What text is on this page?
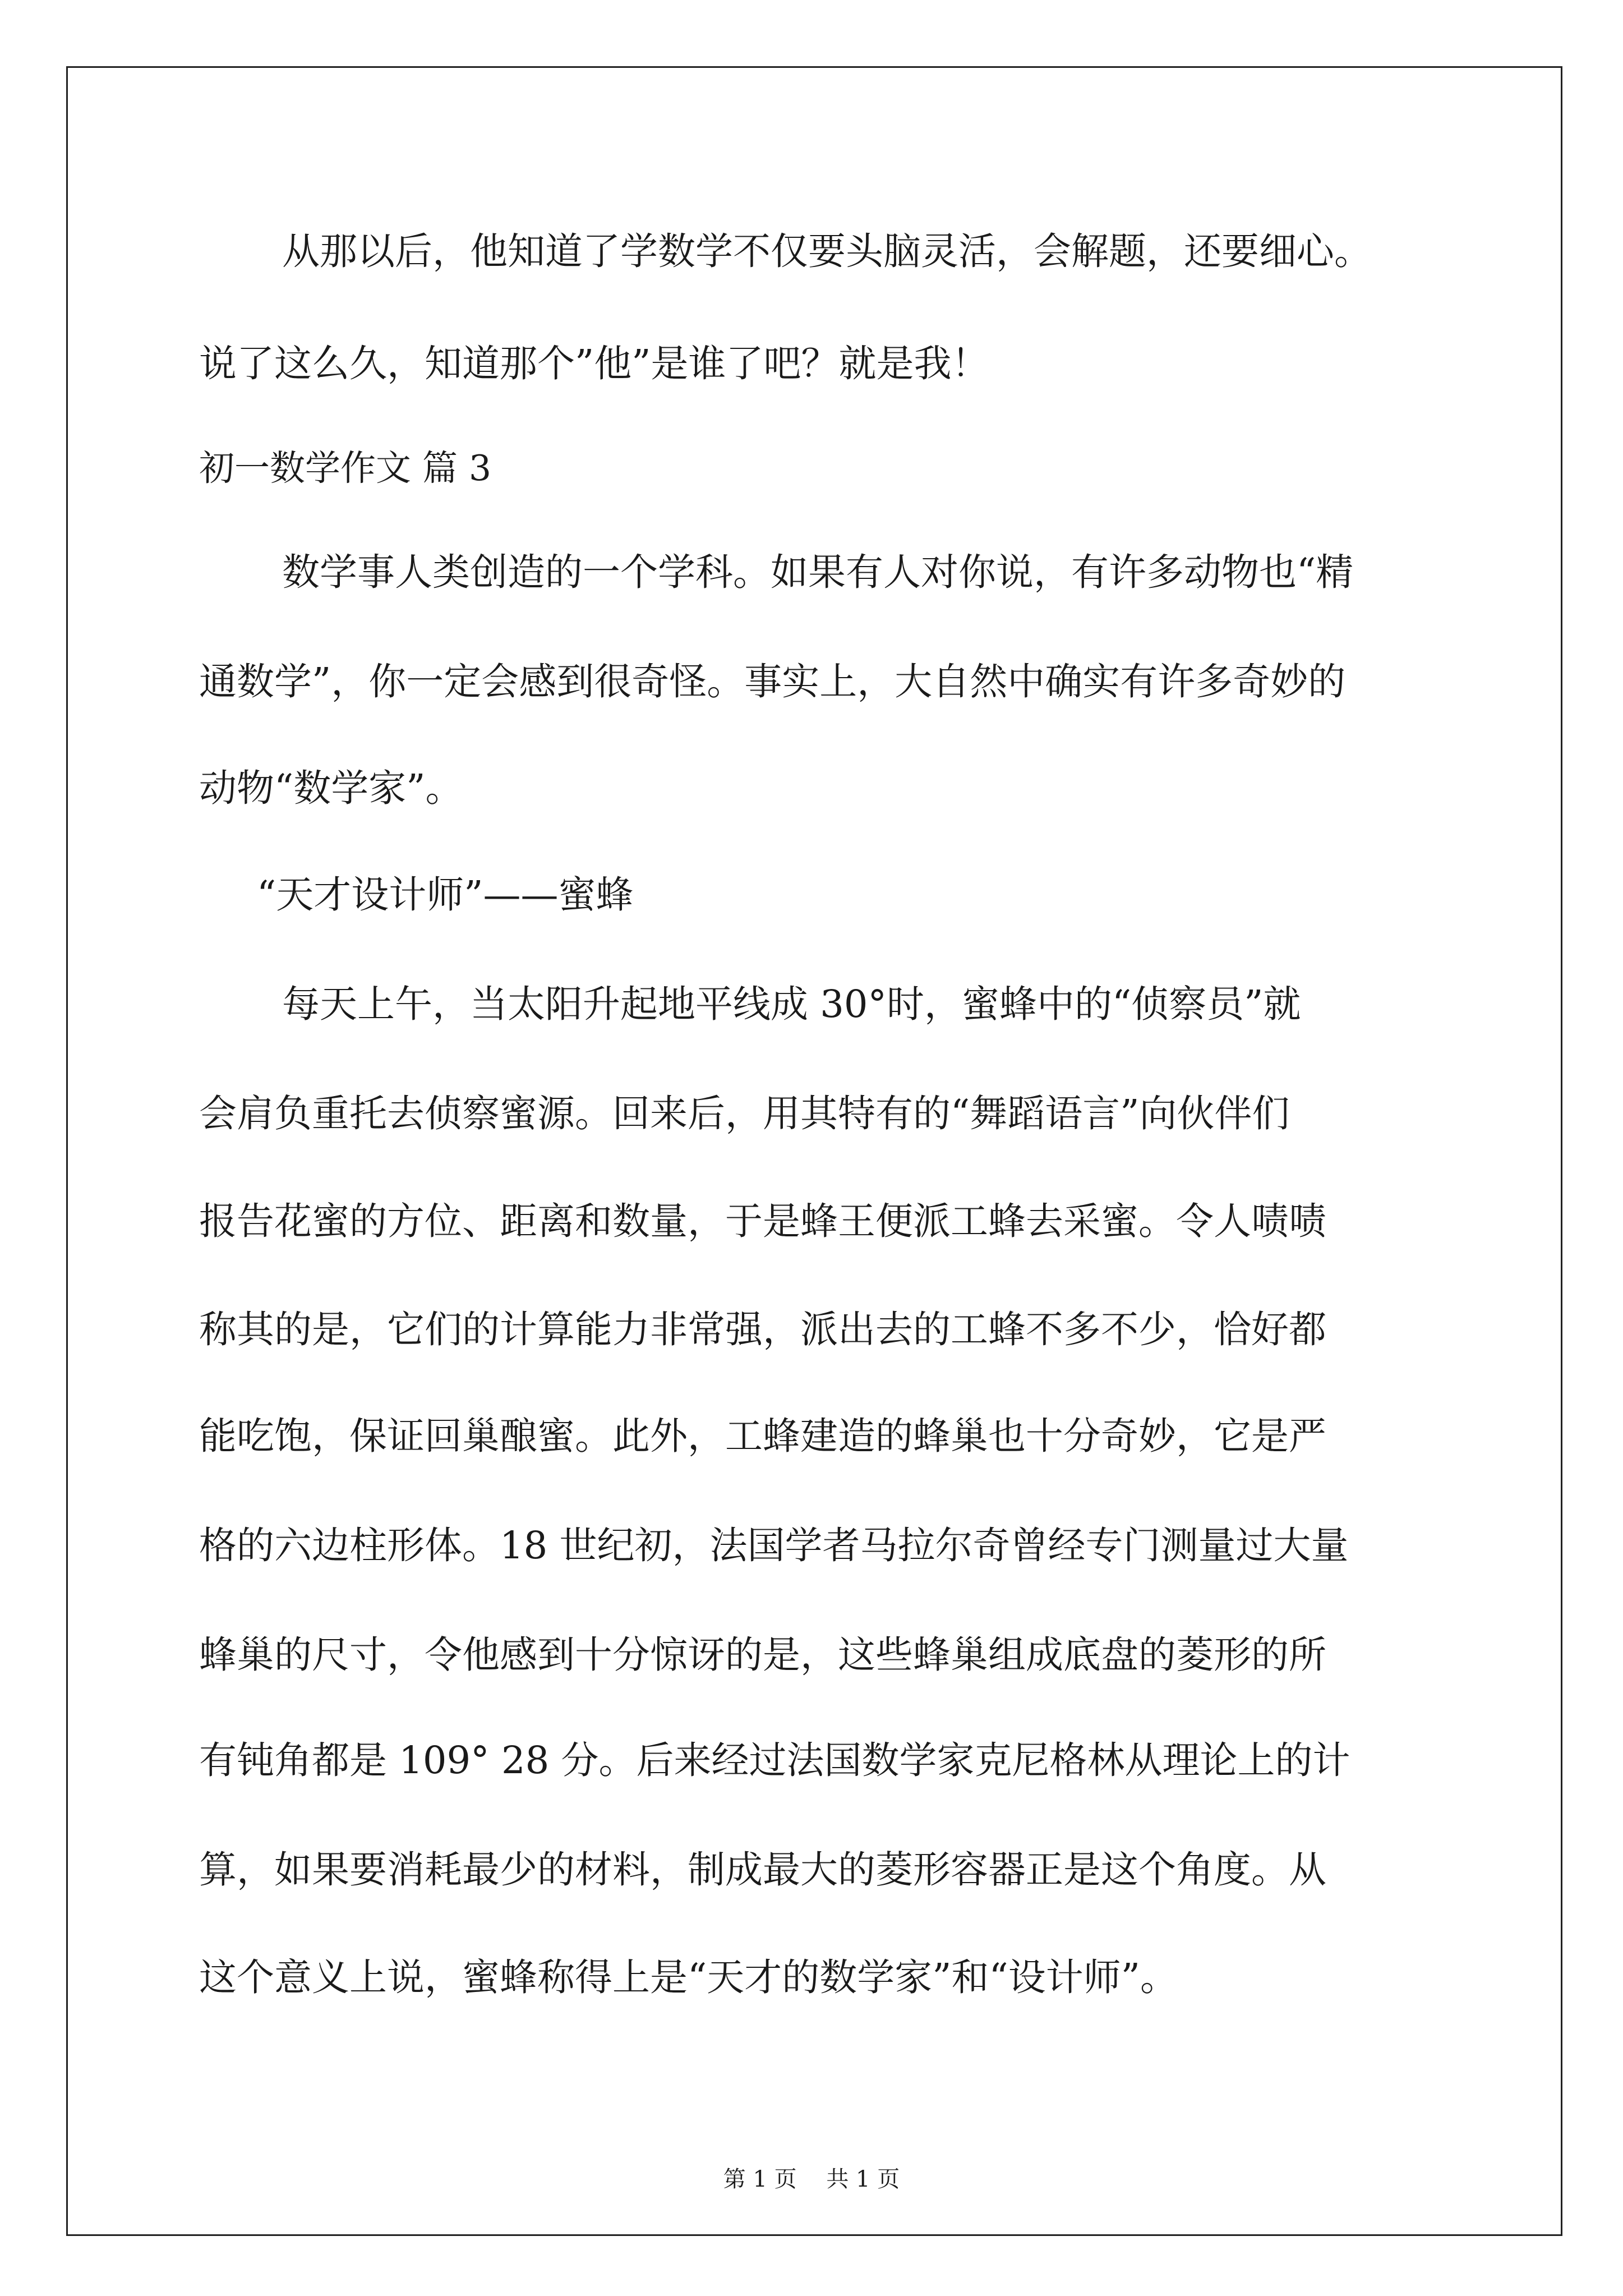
从那以后，他知道了学数学不仅要头脑灵活，会解题，还要细心。
说了这么久，知道那个”他”是谁了吧？就是我！
初一数学作文 篇 3
数学事人类创造的一个学科。如果有人对你说，有许多动物也“精
通数学”，你一定会感到很奇怪。事实上，大自然中确实有许多奇妙的
动物“数学家”。
“天才设计师”——蜜蜂
每天上午，当太阳升起地平线成 30°时，蜜蜂中的“侦察员”就
会肩负重托去侦察蜜源。回来后，用其特有的“舞蹈语言”向伙伴们
报告花蜜的方位、距离和数量，于是蜂王便派工蜂去采蜜。令人啧啧
称其的是，它们的计算能力非常强，派出去的工蜂不多不少，恰好都
能吃饱，保证回巢酿蜜。此外，工蜂建造的蜂巢也十分奇妙，它是严
格的六边柱形体。18 世纪初，法国学者马拉尔奇曾经专门测量过大量
蜂巢的尺寸，令他感到十分惊讶的是，这些蜂巢组成底盘的菱形的所
有钝角都是 109° 28 分。后来经过法国数学家克尼格林从理论上的计
算，如果要消耗最少的材料，制成最大的菱形容器正是这个角度。从
这个意义上说，蜜蜂称得上是“天才的数学家”和“设计师”。
第 1 页　 共 1 页
